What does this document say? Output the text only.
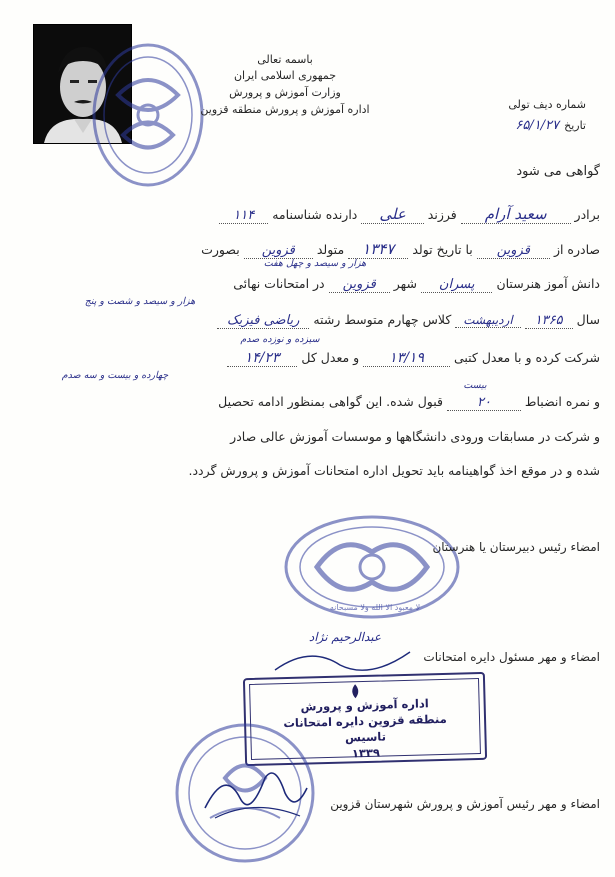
باسمه تعالی
جمهوری اسلامی ایران
وزارت آموزش و پرورش
اداره آموزش و پرورش منطقه قزوین	شماره دیف تولی
تاریخ ۶۵/۱/۲۷
گواهی می شود
برادر سعید آرام فرزند علی دارنده شناسنامه ۱۱۴
صادره از قزوین با تاریخ تولد ۱۳۴۷ متولد قزوین بصورت
هزار و سیصد و چهل هفت
دانش آموز هنرستان پسران شهر قزوین در امتحانات نهائی
هزار و سیصد و شصت و پنج
سال ۱۳۶۵ اردیبهشت کلاس چهارم متوسط رشته ریاضی فیزیک
سیزده و نوزده صدم
شرکت کرده و با معدل کتبی ۱۳/۱۹ و معدل کل ۱۴/۲۳
چهارده و بیست و سه صدم
و نمره انضباط ۲۰ قبول شده. این گواهی بمنظور ادامه تحصیل
بیست
و شرکت در مسابقات ورودی دانشگاهها و موسسات آموزش عالی صادر
شده و در موقع اخذ گواهینامه باید تحویل اداره امتحانات آموزش و پرورش گردد.
لا معبود الا الله ولا مسبحانه
امضاء رئیس دبیرستان یا هنرستان
امضاء و مهر مسئول دایره امتحانات
عبدالرحیم نژاد
امضاء و مهر رئیس آموزش و پرورش شهرستان قزوین
اداره آموزش و پرورش
منطقه قزوین دایره امتحانات
تاسیس
۱۳۳۹
